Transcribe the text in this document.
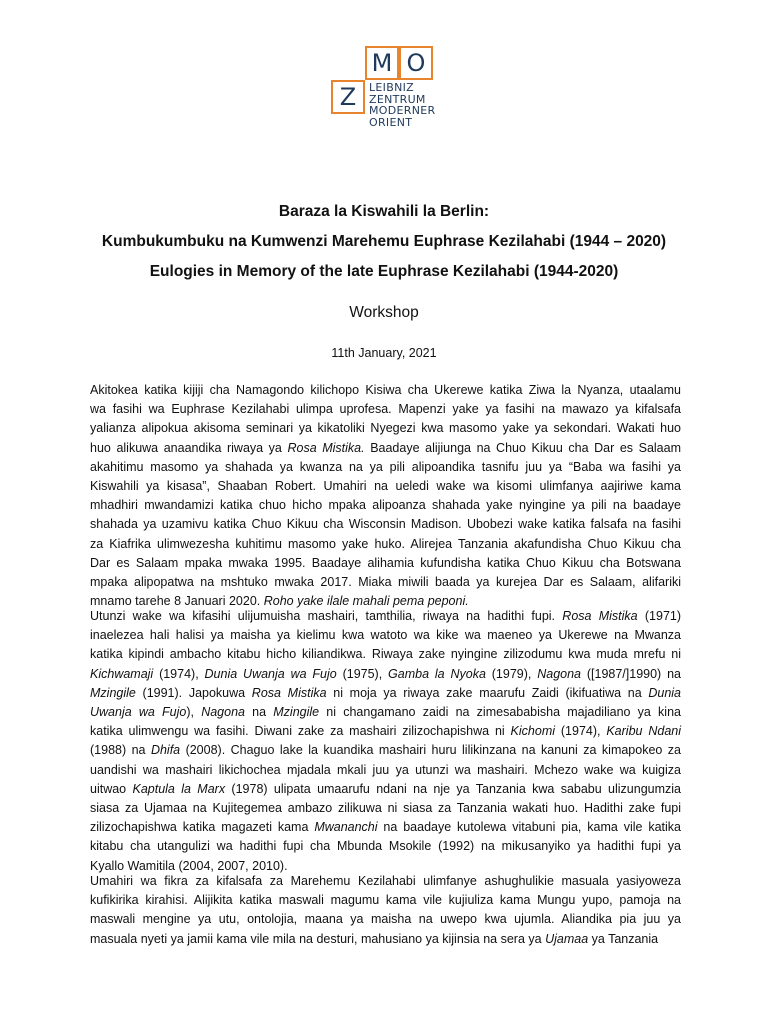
M O
Z	LEIBNIZ
ZENTRUM
MODERNER
ORIENT
Baraza la Kiswahili la Berlin:
Kumbukumbuku na Kumwenzi Marehemu Euphrase Kezilahabi (1944 – 2020)
Eulogies in Memory of the late Euphrase Kezilahabi (1944-2020)
Workshop
11th January, 2021
Akitokea katika kijiji cha Namagondo kilichopo Kisiwa cha Ukerewe katika Ziwa la Nyanza, utaalamu
wa fasihi wa Euphrase Kezilahabi ulimpa uprofesa. Mapenzi yake ya fasihi na mawazo ya kifalsafa
yalianza alipokua akisoma seminari ya kikatoliki Nyegezi kwa masomo yake ya sekondari. Wakati huo
huo alikuwa anaandika riwaya ya Rosa Mistika. Baadaye alijiunga na Chuo Kikuu cha Dar es Salaam
akahitimu masomo ya shahada ya kwanza na ya pili alipoandika tasnifu juu ya “Baba wa fasihi ya
Kiswahili ya kisasa”, Shaaban Robert. Umahiri na ueledi wake wa kisomi ulimfanya aajiriwe kama
mhadhiri mwandamizi katika chuo hicho mpaka alipoanza shahada yake nyingine ya pili na baadaye
shahada ya uzamivu katika Chuo Kikuu cha Wisconsin Madison. Ubobezi wake katika falsafa na fasihi
za Kiafrika ulimwezesha kuhitimu masomo yake huko. Alirejea Tanzania akafundisha Chuo Kikuu cha
Dar es Salaam mpaka mwaka 1995. Baadaye alihamia kufundisha katika Chuo Kikuu cha Botswana
mpaka alipopatwa na mshtuko mwaka 2017. Miaka miwili baada ya kurejea Dar es Salaam, alifariki
mnamo tarehe 8 Januari 2020. Roho yake ilale mahali pema peponi.
Utunzi wake wa kifasihi ulijumuisha mashairi, tamthilia, riwaya na hadithi fupi. Rosa Mistika (1971)
inaelezea hali halisi ya maisha ya kielimu kwa watoto wa kike wa maeneo ya Ukerewe na Mwanza
katika kipindi ambacho kitabu hicho kiliandikwa. Riwaya zake nyingine zilizodumu kwa muda mrefu ni
Kichwamaji (1974), Dunia Uwanja wa Fujo (1975), Gamba la Nyoka (1979), Nagona ([1987/]1990) na
Mzingile (1991). Japokuwa Rosa Mistika ni moja ya riwaya zake maarufu Zaidi (ikifuatiwa na Dunia
Uwanja wa Fujo), Nagona na Mzingile ni changamano zaidi na zimesababisha majadiliano ya kina
katika ulimwengu wa fasihi. Diwani zake za mashairi zilizochapishwa ni Kichomi (1974), Karibu Ndani
(1988) na Dhifa (2008). Chaguo lake la kuandika mashairi huru lilikinzana na kanuni za kimapokeo za
uandishi wa mashairi likichochea mjadala mkali juu ya utunzi wa mashairi. Mchezo wake wa kuigiza
uitwao Kaptula la Marx (1978) ulipata umaarufu ndani na nje ya Tanzania kwa sababu ulizungumzia
siasa za Ujamaa na Kujitegemea ambazo zilikuwa ni siasa za Tanzania wakati huo. Hadithi zake fupi
zilizochapishwa katika magazeti kama Mwananchi na baadaye kutolewa vitabuni pia, kama vile katika
kitabu cha utangulizi wa hadithi fupi cha Mbunda Msokile (1992) na mikusanyiko ya hadithi fupi ya
Kyallo Wamitila (2004, 2007, 2010).
Umahiri wa fikra za kifalsafa za Marehemu Kezilahabi ulimfanye ashughulikie masuala yasiyoweza
kufikirika kirahisi. Alijikita katika maswali magumu kama vile kujiuliza kama Mungu yupo, pamoja na
maswali mengine ya utu, ontolojia, maana ya maisha na uwepo kwa ujumla. Aliandika pia juu ya
masuala nyeti ya jamii kama vile mila na desturi, mahusiano ya kijinsia na sera ya Ujamaa ya Tanzania
